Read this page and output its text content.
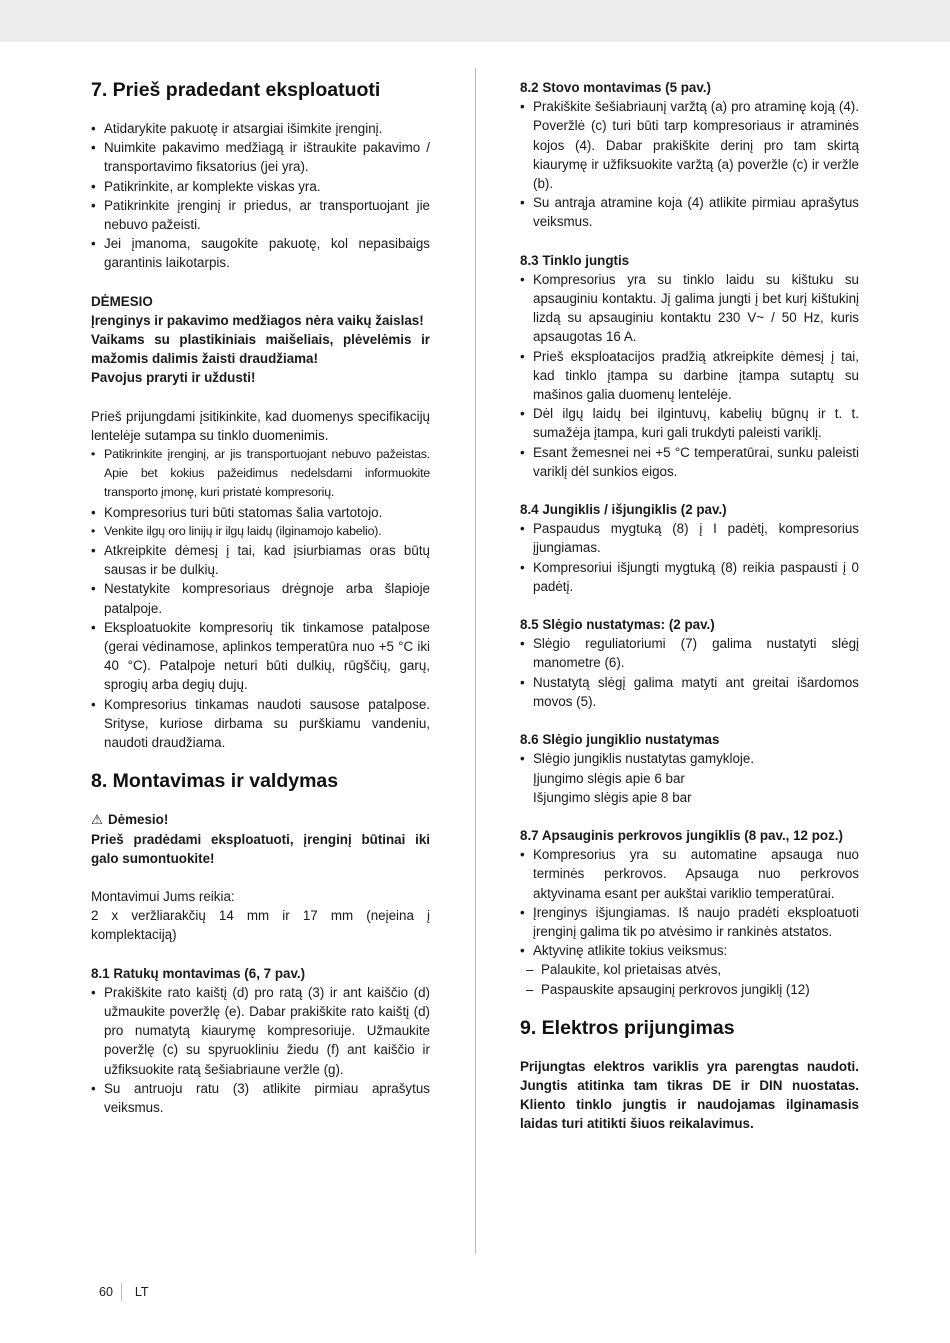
7. Prieš pradedant eksploatuoti
• Atidarykite pakuotę ir atsargiai išimkite įrenginį.
• Nuimkite pakavimo medžiagą ir ištraukite pakavimo / transportavimo fiksatorius (jei yra).
• Patikrinkite, ar komplekte viskas yra.
• Patikrinkite įrenginį ir priedus, ar transportuojant jie nebuvo pažeisti.
• Jei įmanoma, saugokite pakuotę, kol nepasibaigs garantinis laikotarpis.

DĖMESIO

Įrenginys ir pakavimo medžiagos nėra vaikų žaislas!

Vaikams su plastikiniais maišeliais, plėvelėmis ir mažomis dalimis žaisti draudžiama!

Pavojus praryti ir uždusti!

Prieš prijungdami įsitikinkite, kad duomenys specifikacijų lentelėje sutampa su tinklo duomenimis.

• Patikrinkite įrenginį, ar jis transportuojant nebuvo pažeistas. Apie bet kokius pažeidimus nedelsdami informuokite transporto įmonę, kuri pristatė kompresorių.
• Kompresorius turi būti statomas šalia vartotojo.
• Venkite ilgų oro linijų ir ilgų laidų (ilginamojo kabelio).
• Atkreipkite dėmesį į tai, kad įsiurbiamas oras būtų sausas ir be dulkių.
• Nestatykite kompresoriaus drėgnoje arba šlapioje patalpoje.
• Eksploatuokite kompresorių tik tinkamose patalpose (gerai vėdinamose, aplinkos temperatūra nuo +5 °C iki 40 °C). Patalpoje neturi būti dulkių, rūgščių, garų, sprogių arba degių dujų.
• Kompresorius tinkamas naudoti sausose patalpose. Srityse, kuriose dirbama su purškiamu vandeniu, naudoti draudžiama.
8. Montavimas ir valdymas

⚠ Dėmesio!

Prieš pradėdami eksploatuoti, įrenginį būtinai iki galo sumontuokite!

Montavimui Jums reikia:

2 x veržliarakčių 14 mm ir 17 mm (neįeina į komplektaciją)

8.1 Ratukų montavimas (6, 7 pav.)
• Prakiškite rato kaištį (d) pro ratą (3) ir ant kaiščio (d) užmaukite poveržlę (e). Dabar prakiškite rato kaištį (d) pro numatytą kiaurymę kompresoriuje. Užmaukite poveržlę (c) su spyruokliniu žiedu (f) ant kaiščio ir užfiksuokite ratą šešiabriaune veržle (g).
• Su antruoju ratu (3) atlikite pirmiau aprašytus veiksmus.
8.2 Stovo montavimas (5 pav.)
• Prakiškite šešiabriaunį varžtą (a) pro atraminę koją (4). Poveržlė (c) turi būti tarp kompresoriaus ir atraminės kojos (4). Dabar prakiškite derinį pro tam skirtą kiaurymę ir užfiksuokite varžtą (a) poveržle (c) ir veržle (b).
• Su antrąja atramine koja (4) atlikite pirmiau aprašytus veiksmus.
8.3 Tinklo jungtis
• Kompresorius yra su tinklo laidu su kištuku su apsauginiu kontaktu. Jį galima jungti į bet kurį kištukinį lizdą su apsauginiu kontaktu 230 V~ / 50 Hz, kuris apsaugotas 16 A.
• Prieš eksploatacijos pradžią atkreipkite dėmesį į tai, kad tinklo įtampa su darbine įtampa sutaptų su mašinos galia duomenų lentelėje.
• Dėl ilgų laidų bei ilgintuvų, kabelių būgnų ir t. t. sumažėja įtampa, kuri gali trukdyti paleisti variklį.
• Esant žemesnei nei +5 °C temperatūrai, sunku paleisti variklį dėl sunkios eigos.
8.4 Jungiklis / išjungiklis (2 pav.)
• Paspaudus mygtuką (8) į I padėtį, kompresorius įjungiamas.
• Kompresoriui išjungti mygtuką (8) reikia paspausti į 0 padėtį.
8.5 Slėgio nustatymas: (2 pav.)
• Slėgio reguliatoriumi (7) galima nustatyti slėgį manometre (6).
• Nustatytą slėgį galima matyti ant greitai išardomos movos (5).
8.6 Slėgio jungiklio nustatymas
• Slėgio jungiklis nustatytas gamykloje.

Įjungimo slėgis apie 6 bar

Išjungimo slėgis apie 8 bar

8.7 Apsauginis perkrovos jungiklis (8 pav., 12 poz.)
• Kompresorius yra su automatine apsauga nuo terminės perkrovos. Apsauga nuo perkrovos aktyvinama esant per aukštai variklio temperatūrai.
• Įrenginys išjungiamas. Iš naujo pradėti eksploatuoti įrenginį galima tik po atvėsimo ir rankinės atstatos.
• Aktyvinę atlikite tokius veiksmus:
– Palaukite, kol prietaisas atvės,
– Paspauskite apsauginį perkrovos jungiklį (12)
9. Elektros prijungimas

Prijungtas elektros variklis yra parengtas naudoti. Jungtis atitinka tam tikras DE ir DIN nuostatas. Kliento tinklo jungtis ir naudojamas ilginamasis laidas turi atitikti šiuos reikalavimus.

60 LT
